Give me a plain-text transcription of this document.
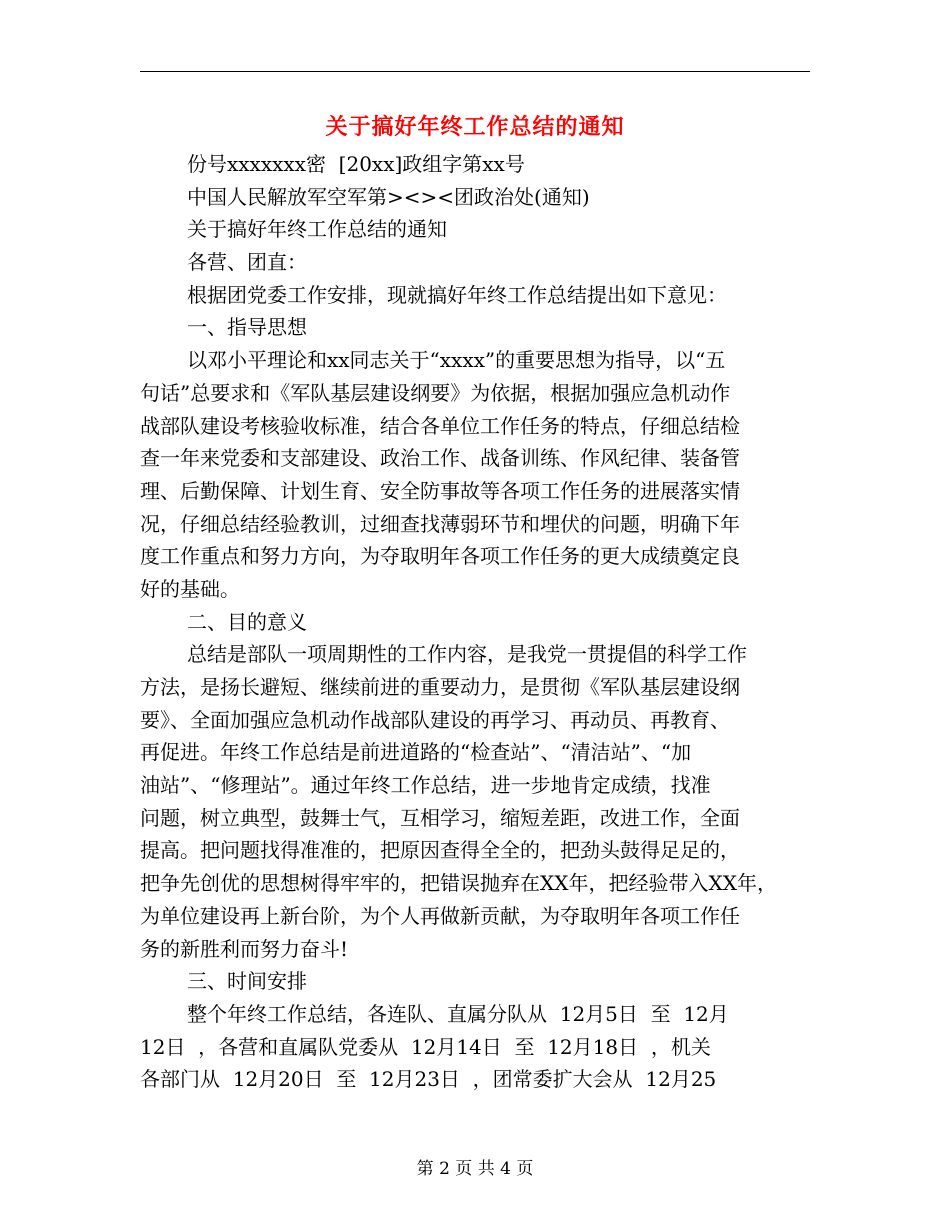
关于搞好年终工作总结的通知
份号xxxxxxx密  [20xx]政组字第xx号
中国人民解放军空军第><><团政治处(通知)
关于搞好年终工作总结的通知
各营、团直：
根据团党委工作安排，现就搞好年终工作总结提出如下意见：
一、指导思想
以邓小平理论和xx同志关于“xxxx”的重要思想为指导，以“五
句话”总要求和《军队基层建设纲要》为依据，根据加强应急机动作
战部队建设考核验收标准，结合各单位工作任务的特点，仔细总结检
查一年来党委和支部建设、政治工作、战备训练、作风纪律、装备管
理、后勤保障、计划生育、安全防事故等各项工作任务的进展落实情
况，仔细总结经验教训，过细查找薄弱环节和埋伏的问题，明确下年
度工作重点和努力方向，为夺取明年各项工作任务的更大成绩奠定良
好的基础。
二、目的意义
总结是部队一项周期性的工作内容，是我党一贯提倡的科学工作
方法，是扬长避短、继续前进的重要动力，是贯彻《军队基层建设纲
要》、全面加强应急机动作战部队建设的再学习、再动员、再教育、
再促进。年终工作总结是前进道路的“检查站”、“清洁站”、“加
油站”、“修理站”。通过年终工作总结，进一步地肯定成绩，找准
问题，树立典型，鼓舞士气，互相学习，缩短差距，改进工作，全面
提高。把问题找得准准的，把原因查得全全的，把劲头鼓得足足的，
把争先创优的思想树得牢牢的，把错误抛弃在XX年，把经验带入XX年，
为单位建设再上新台阶，为个人再做新贡献，为夺取明年各项工作任
务的新胜利而努力奋斗!
三、时间安排
整个年终工作总结，各连队、直属分队从  12月5日  至  12月
12日  ，各营和直属队党委从  12月14日  至  12月18日  ，机关
各部门从  12月20日  至  12月23日  ，团常委扩大会从  12月25
第 2 页 共 4 页
